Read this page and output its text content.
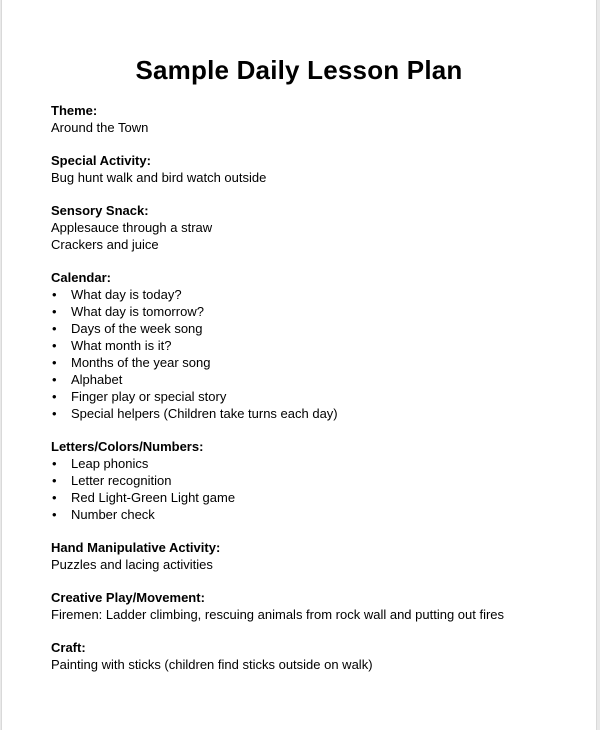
Sample Daily Lesson Plan
Theme:

Around the Town

Special Activity:

Bug hunt walk and bird watch outside

Sensory Snack:

Applesauce through a straw

Crackers and juice

Calendar:
• What day is today?
• What day is tomorrow?
• Days of the week song
• What month is it?
• Months of the year song
• Alphabet
• Finger play or special story
• Special helpers (Children take turns each day)
Letters/Colors/Numbers:
• Leap phonics
• Letter recognition
• Red Light-Green Light game
• Number check
Hand Manipulative Activity:

Puzzles and lacing activities

Creative Play/Movement:

Firemen: Ladder climbing, rescuing animals from rock wall and putting out fires

Craft:

Painting with sticks (children find sticks outside on walk)
